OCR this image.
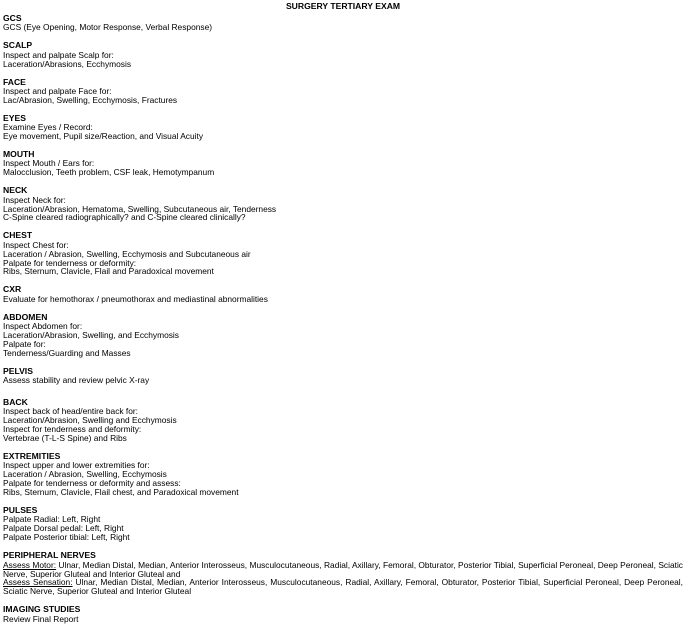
SURGERY TERTIARY EXAM
GCS
GCS (Eye Opening, Motor Response, Verbal Response)
SCALP
Inspect and palpate Scalp for:
Laceration/Abrasions, Ecchymosis
FACE
Inspect and palpate Face for:
Lac/Abrasion, Swelling, Ecchymosis, Fractures
EYES
Examine Eyes / Record:
Eye movement, Pupil size/Reaction, and Visual Acuity
MOUTH
Inspect Mouth / Ears for:
Malocclusion, Teeth problem, CSF leak, Hemotympanum
NECK
Inspect Neck for:
Laceration/Abrasion, Hematoma, Swelling, Subcutaneous air, Tenderness
C-Spine cleared radiographically? and C-Spine cleared clinically?
CHEST
Inspect Chest for:
Laceration / Abrasion, Swelling, Ecchymosis and Subcutaneous air
Palpate for tenderness or deformity:
Ribs, Sternum, Clavicle, Flail and Paradoxical movement
CXR
Evaluate for hemothorax / pneumothorax and mediastinal abnormalities
ABDOMEN
Inspect Abdomen for:
Laceration/Abrasion, Swelling, and Ecchymosis
Palpate for:
Tenderness/Guarding and Masses
PELVIS
Assess stability and review pelvic X-ray
BACK
Inspect back of head/entire back for:
Laceration/Abrasion, Swelling and Ecchymosis
Inspect for tenderness and deformity:
Vertebrae (T-L-S Spine) and Ribs
EXTREMITIES
Inspect upper and lower extremities for:
Laceration / Abrasion, Swelling, Ecchymosis
Palpate for tenderness or deformity and assess:
Ribs, Sternum, Clavicle, Flail chest, and Paradoxical movement
PULSES
Palpate Radial: Left, Right
Palpate Dorsal pedal: Left, Right
Palpate Posterior tibial: Left, Right
PERIPHERAL NERVES
Assess Motor: Ulnar, Median Distal, Median, Anterior Interosseus, Musculocutaneous, Radial, Axillary, Femoral, Obturator, Posterior Tibial, Superficial Peroneal, Deep Peroneal, Sciatic Nerve, Superior Gluteal and Interior Gluteal and
Assess Sensation: Ulnar, Median Distal, Median, Anterior Interosseus, Musculocutaneous, Radial, Axillary, Femoral, Obturator, Posterior Tibial, Superficial Peroneal, Deep Peroneal, Sciatic Nerve, Superior Gluteal and Interior Gluteal
IMAGING STUDIES
Review Final Report
